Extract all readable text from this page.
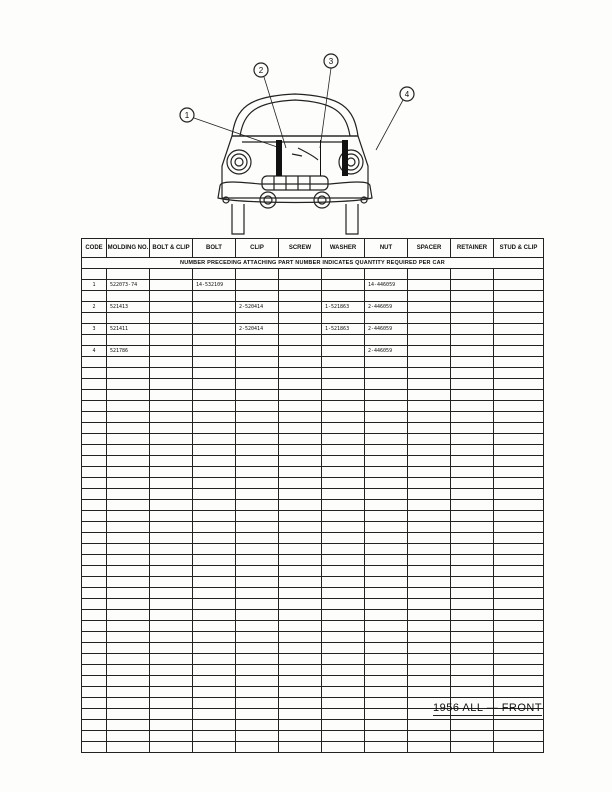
1
2
3
4
CODE	MOLDING NO.	BOLT & CLIP	BOLT	CLIP	SCREW	WASHER	NUT	SPACER	RETAINER	STUD & CLIP
NUMBER PRECEDING ATTACHING PART NUMBER INDICATES QUANTITY REQUIRED PER CAR										

1	522073-74		14-532109				14-446059			

2	521413			2-520414		1-521863	2-446059			

3	521411			2-520414		1-521863	2-446059			

4	521786						2-446059			

1956 ALL — FRONT
